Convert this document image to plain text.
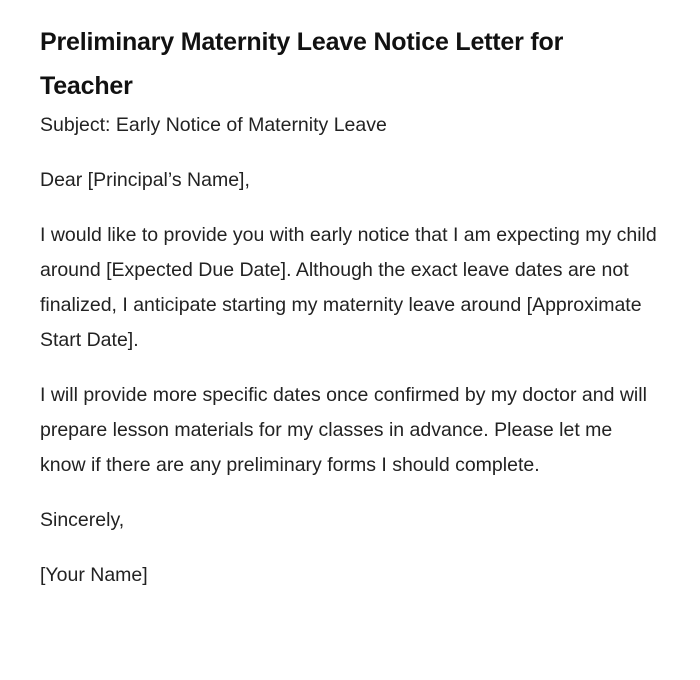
Preliminary Maternity Leave Notice Letter for Teacher

Subject: Early Notice of Maternity Leave

Dear [Principal’s Name],

I would like to provide you with early notice that I am expecting my child around [Expected Due Date]. Although the exact leave dates are not finalized, I anticipate starting my maternity leave around [Approximate Start Date].

I will provide more specific dates once confirmed by my doctor and will prepare lesson materials for my classes in advance. Please let me know if there are any preliminary forms I should complete.

Sincerely,

[Your Name]
